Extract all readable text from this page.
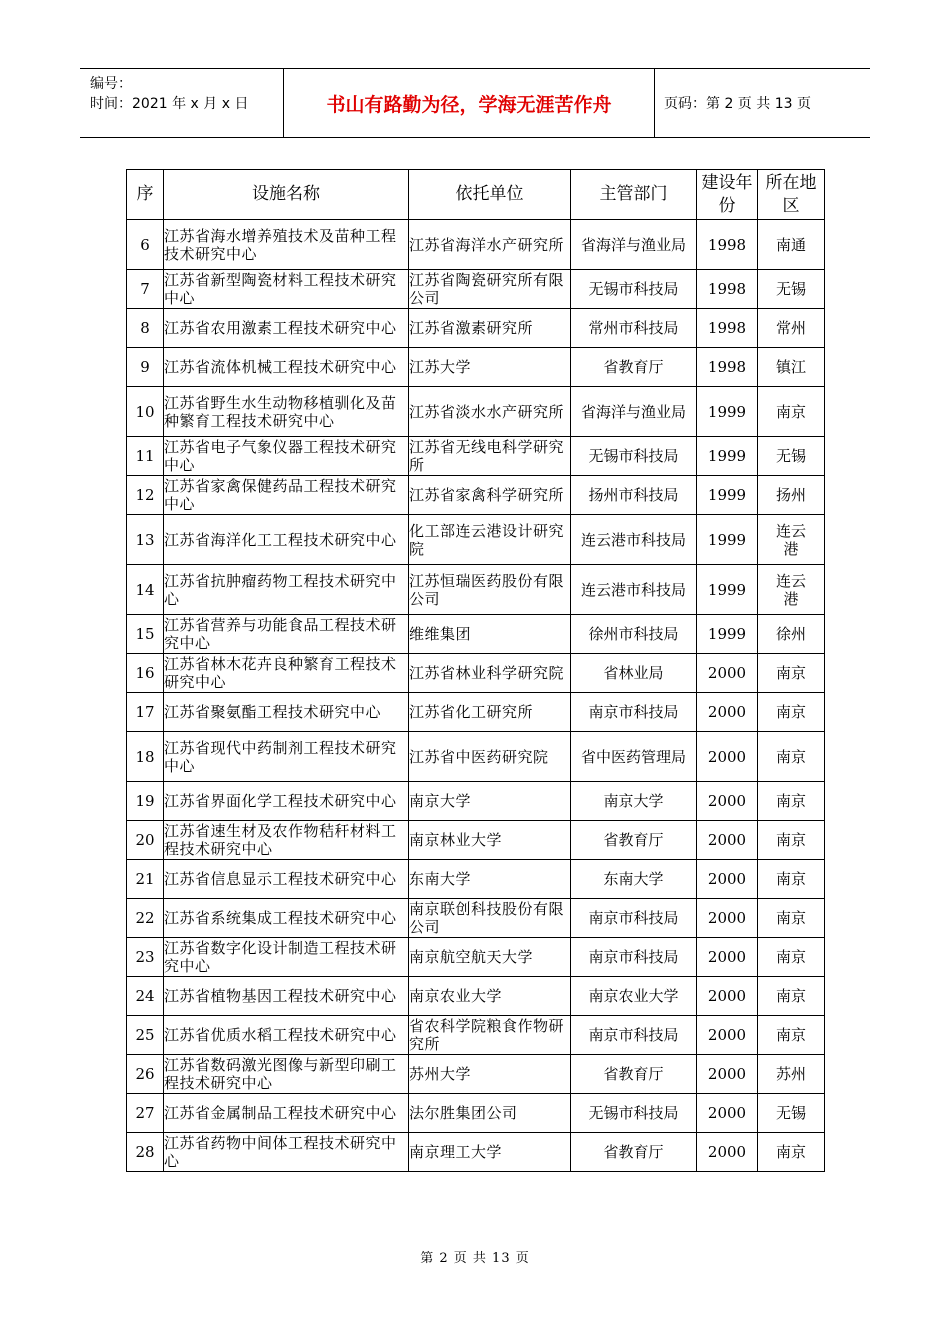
编号：
时间：2021 年 x 月 x 日	书山有路勤为径，学海无涯苦作舟	页码：第 2 页 共 13 页
序	设施名称	依托单位	主管部门	建设年份	所在地区
6	江苏省海水增养殖技术及苗种工程技术研究中心	江苏省海洋水产研究所	省海洋与渔业局	1998	南通
7	江苏省新型陶瓷材料工程技术研究中心	江苏省陶瓷研究所有限公司	无锡市科技局	1998	无锡
8	江苏省农用激素工程技术研究中心	江苏省激素研究所	常州市科技局	1998	常州
9	江苏省流体机械工程技术研究中心	江苏大学	省教育厅	1998	镇江
10	江苏省野生水生动物移植驯化及苗种繁育工程技术研究中心	江苏省淡水水产研究所	省海洋与渔业局	1999	南京
11	江苏省电子气象仪器工程技术研究中心	江苏省无线电科学研究所	无锡市科技局	1999	无锡
12	江苏省家禽保健药品工程技术研究中心	江苏省家禽科学研究所	扬州市科技局	1999	扬州
13	江苏省海洋化工工程技术研究中心	化工部连云港设计研究院	连云港市科技局	1999	连云港
14	江苏省抗肿瘤药物工程技术研究中心	江苏恒瑞医药股份有限公司	连云港市科技局	1999	连云港
15	江苏省营养与功能食品工程技术研究中心	维维集团	徐州市科技局	1999	徐州
16	江苏省林木花卉良种繁育工程技术研究中心	江苏省林业科学研究院	省林业局	2000	南京
17	江苏省聚氨酯工程技术研究中心	江苏省化工研究所	南京市科技局	2000	南京
18	江苏省现代中药制剂工程技术研究中心	江苏省中医药研究院	省中医药管理局	2000	南京
19	江苏省界面化学工程技术研究中心	南京大学	南京大学	2000	南京
20	江苏省速生材及农作物秸秆材料工程技术研究中心	南京林业大学	省教育厅	2000	南京
21	江苏省信息显示工程技术研究中心	东南大学	东南大学	2000	南京
22	江苏省系统集成工程技术研究中心	南京联创科技股份有限公司	南京市科技局	2000	南京
23	江苏省数字化设计制造工程技术研究中心	南京航空航天大学	南京市科技局	2000	南京
24	江苏省植物基因工程技术研究中心	南京农业大学	南京农业大学	2000	南京
25	江苏省优质水稻工程技术研究中心	省农科学院粮食作物研究所	南京市科技局	2000	南京
26	江苏省数码激光图像与新型印刷工程技术研究中心	苏州大学	省教育厅	2000	苏州
27	江苏省金属制品工程技术研究中心	法尔胜集团公司	无锡市科技局	2000	无锡
28	江苏省药物中间体工程技术研究中心	南京理工大学	省教育厅	2000	南京
第 2 页 共 13 页
